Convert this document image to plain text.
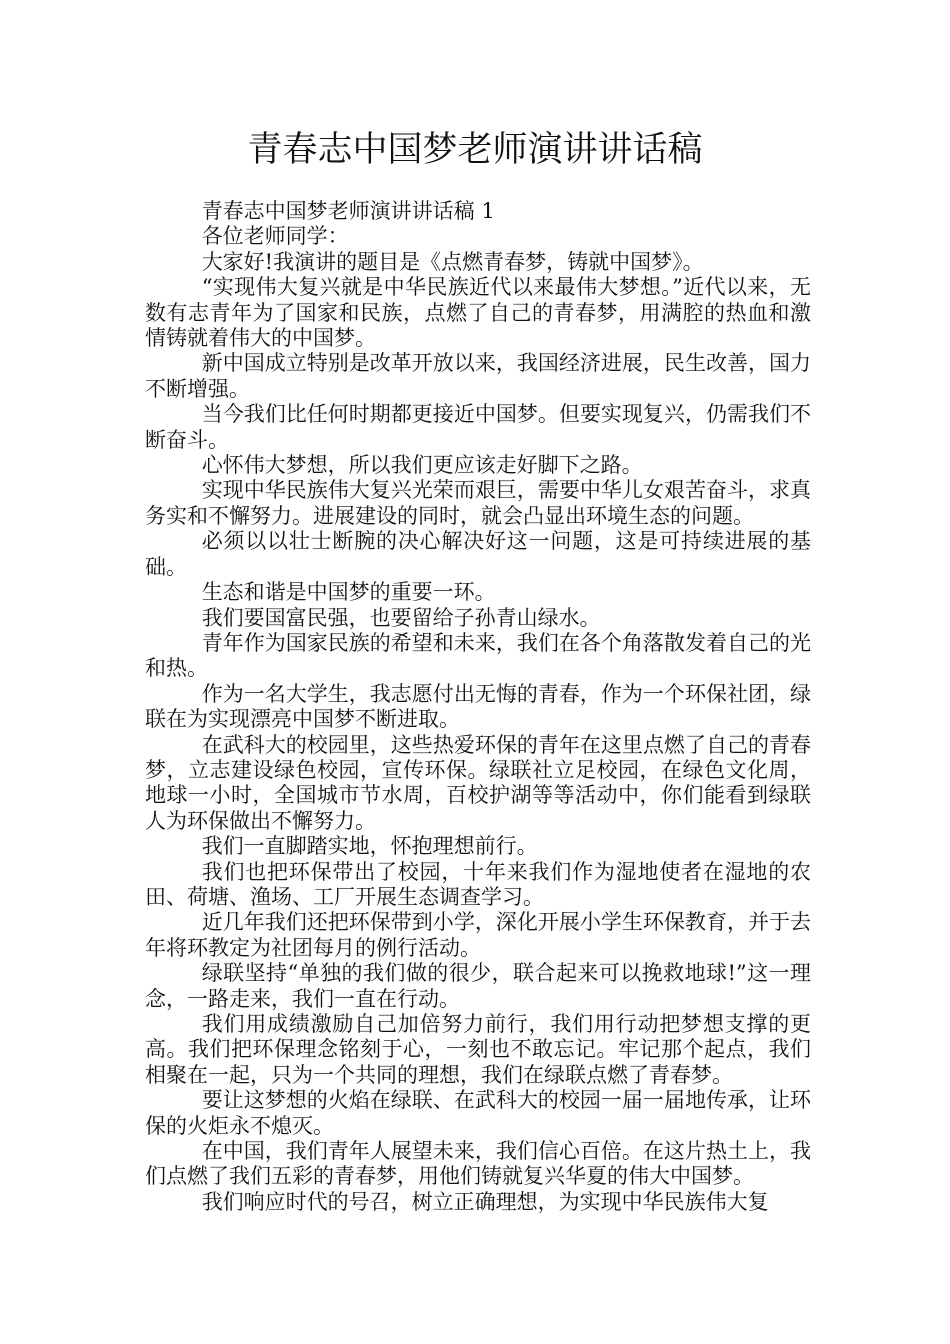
青春志中国梦老师演讲讲话稿

青春志中国梦老师演讲讲话稿 1

各位老师同学：

大家好!我演讲的题目是《点燃青春梦，铸就中国梦》。

“实现伟大复兴就是中华民族近代以来最伟大梦想。”近代以来，无数有志青年为了国家和民族，点燃了自己的青春梦，用满腔的热血和激情铸就着伟大的中国梦。

新中国成立特别是改革开放以来，我国经济进展，民生改善，国力不断增强。

当今我们比任何时期都更接近中国梦。但要实现复兴，仍需我们不断奋斗。

心怀伟大梦想，所以我们更应该走好脚下之路。

实现中华民族伟大复兴光荣而艰巨，需要中华儿女艰苦奋斗，求真务实和不懈努力。进展建设的同时，就会凸显出环境生态的问题。

必须以以壮士断腕的决心解决好这一问题，这是可持续进展的基础。

生态和谐是中国梦的重要一环。

我们要国富民强，也要留给子孙青山绿水。

青年作为国家民族的希望和未来，我们在各个角落散发着自己的光和热。

作为一名大学生，我志愿付出无悔的青春，作为一个环保社团，绿联在为实现漂亮中国梦不断进取。

在武科大的校园里，这些热爱环保的青年在这里点燃了自己的青春梦，立志建设绿色校园，宣传环保。绿联社立足校园，在绿色文化周，地球一小时，全国城市节水周，百校护湖等等活动中，你们能看到绿联人为环保做出不懈努力。

我们一直脚踏实地，怀抱理想前行。

我们也把环保带出了校园，十年来我们作为湿地使者在湿地的农田、荷塘、渔场、工厂开展生态调查学习。

近几年我们还把环保带到小学，深化开展小学生环保教育，并于去年将环教定为社团每月的例行活动。

绿联坚持“单独的我们做的很少，联合起来可以挽救地球!”这一理念，一路走来，我们一直在行动。

我们用成绩激励自己加倍努力前行，我们用行动把梦想支撑的更高。我们把环保理念铭刻于心，一刻也不敢忘记。牢记那个起点，我们相聚在一起，只为一个共同的理想，我们在绿联点燃了青春梦。

要让这梦想的火焰在绿联、在武科大的校园一届一届地传承，让环保的火炬永不熄灭。

在中国，我们青年人展望未来，我们信心百倍。在这片热土上，我们点燃了我们五彩的青春梦，用他们铸就复兴华夏的伟大中国梦。

我们响应时代的号召，树立正确理想，为实现中华民族伟大复
